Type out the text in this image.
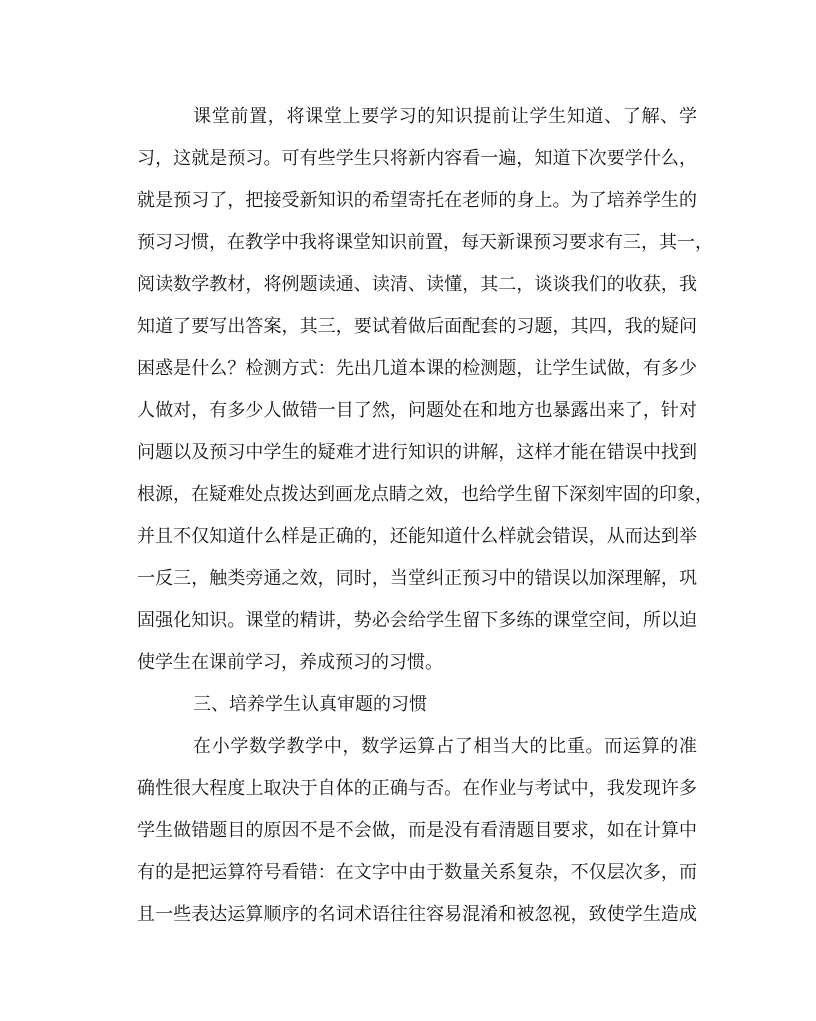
课堂前置，将课堂上要学习的知识提前让学生知道、了解、学
习，这就是预习。可有些学生只将新内容看一遍，知道下次要学什么，
就是预习了，把接受新知识的希望寄托在老师的身上。为了培养学生的
预习习惯，在教学中我将课堂知识前置，每天新课预习要求有三，其一，
阅读数学教材，将例题读通、读清、读懂，其二，谈谈我们的收获，我
知道了要写出答案，其三，要试着做后面配套的习题，其四，我的疑问
困惑是什么？检测方式：先出几道本课的检测题，让学生试做，有多少
人做对，有多少人做错一目了然，问题处在和地方也暴露出来了，针对
问题以及预习中学生的疑难才进行知识的讲解，这样才能在错误中找到
根源，在疑难处点拨达到画龙点睛之效，也给学生留下深刻牢固的印象，
并且不仅知道什么样是正确的，还能知道什么样就会错误，从而达到举
一反三，触类旁通之效，同时，当堂纠正预习中的错误以加深理解，巩
固强化知识。课堂的精讲，势必会给学生留下多练的课堂空间，所以迫
使学生在课前学习，养成预习的习惯。
三、培养学生认真审题的习惯
在小学数学教学中，数学运算占了相当大的比重。而运算的准
确性很大程度上取决于自体的正确与否。在作业与考试中，我发现许多
学生做错题目的原因不是不会做，而是没有看清题目要求，如在计算中
有的是把运算符号看错：在文字中由于数量关系复杂，不仅层次多，而
且一些表达运算顺序的名词术语往往容易混淆和被忽视，致使学生造成
